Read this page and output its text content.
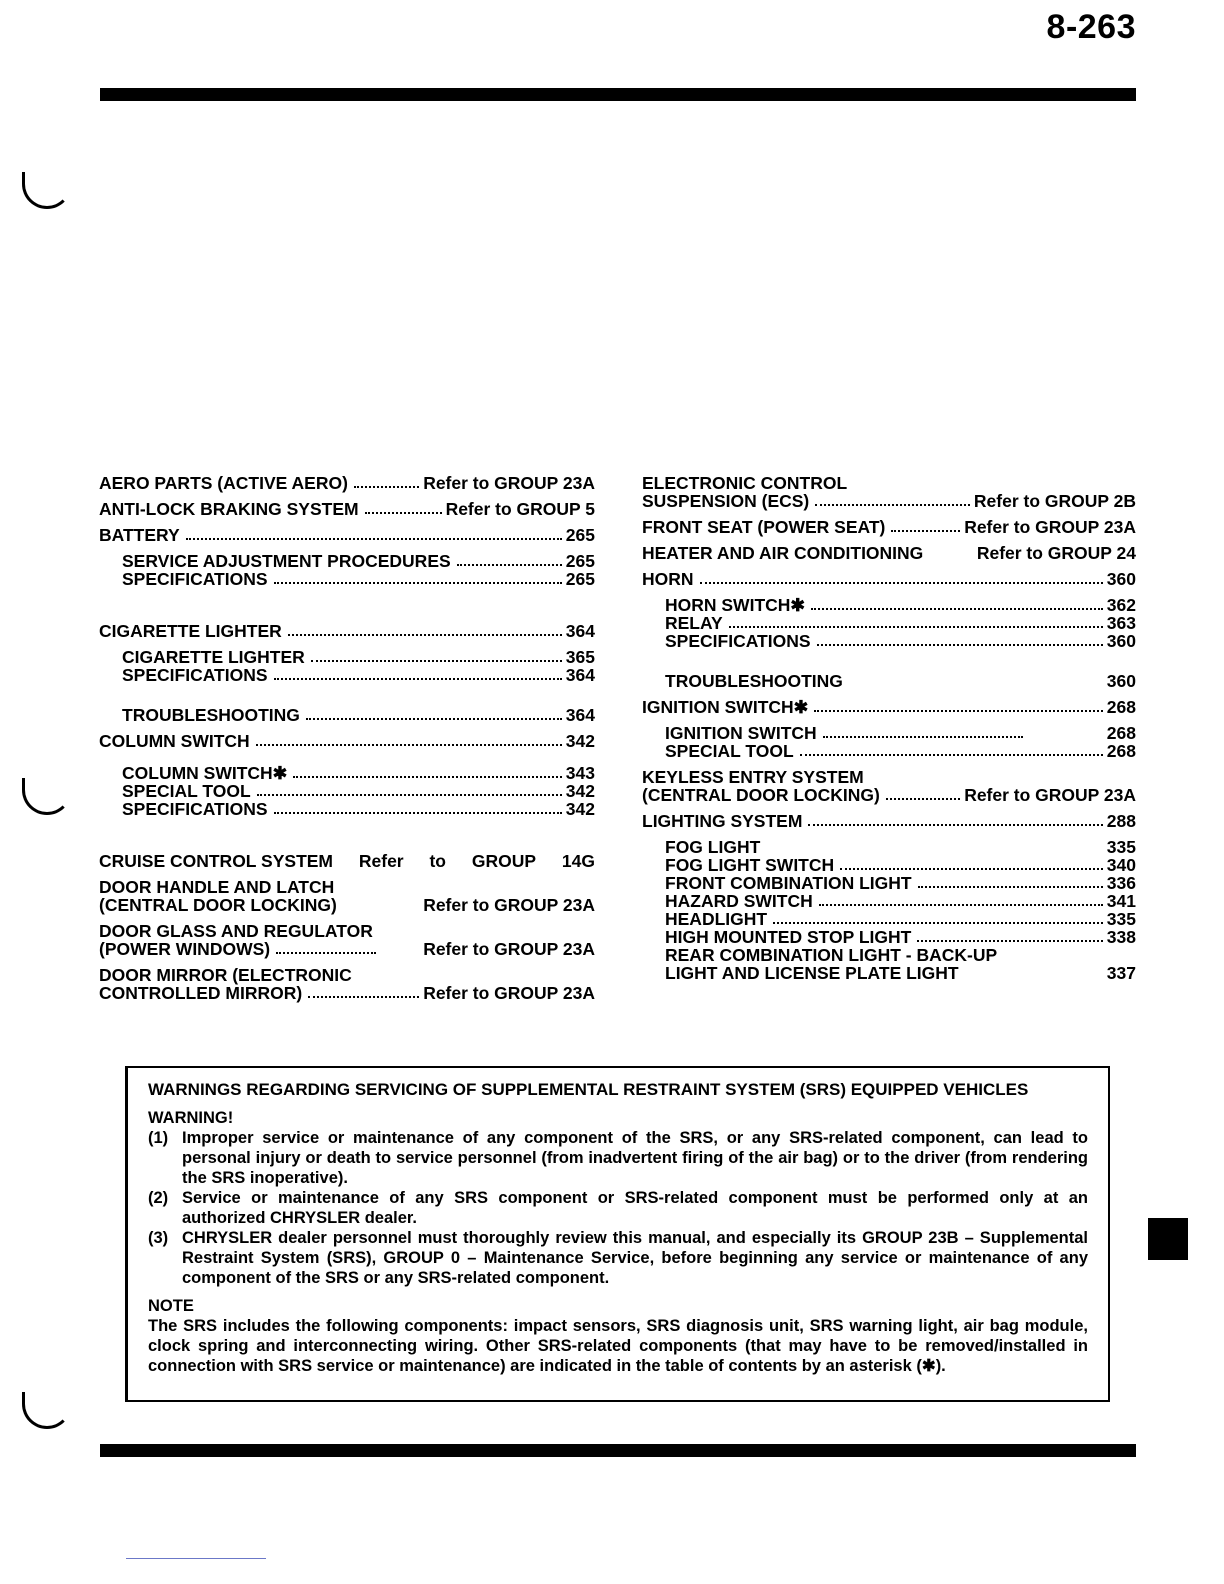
8-263
AERO PARTS (ACTIVE AERO)	Refer to GROUP 23A
ANTI-LOCK BRAKING SYSTEM	Refer to GROUP 5
BATTERY	265
SERVICE ADJUSTMENT PROCEDURES	265
SPECIFICATIONS	265
CIGARETTE LIGHTER	364
CIGARETTE LIGHTER	365
SPECIFICATIONS	364
TROUBLESHOOTING	364
COLUMN SWITCH	342
COLUMN SWITCH✱	343
SPECIAL TOOL	342
SPECIFICATIONS	342
CRUISE CONTROL SYSTEM Refer to GROUP 14G
DOOR HANDLE AND LATCH
(CENTRAL DOOR LOCKING)	Refer to GROUP 23A
DOOR GLASS AND REGULATOR
(POWER WINDOWS)	Refer to GROUP 23A
DOOR MIRROR (ELECTRONIC
CONTROLLED MIRROR)	Refer to GROUP 23A
ELECTRONIC CONTROL
SUSPENSION (ECS)	Refer to GROUP 2B
FRONT SEAT (POWER SEAT)	Refer to GROUP 23A
HEATER AND AIR CONDITIONING	Refer to GROUP 24
HORN	360
HORN SWITCH✱	362
RELAY	363
SPECIFICATIONS	360
TROUBLESHOOTING	360
IGNITION SWITCH✱	268
IGNITION SWITCH	268
SPECIAL TOOL	268
KEYLESS ENTRY SYSTEM
(CENTRAL DOOR LOCKING)	Refer to GROUP 23A
LIGHTING SYSTEM	288
FOG LIGHT	335
FOG LIGHT SWITCH	340
FRONT COMBINATION LIGHT	336
HAZARD SWITCH	341
HEADLIGHT	335
HIGH MOUNTED STOP LIGHT	338
REAR COMBINATION LIGHT - BACK-UP
LIGHT AND LICENSE PLATE LIGHT	337
WARNINGS REGARDING SERVICING OF SUPPLEMENTAL RESTRAINT SYSTEM (SRS) EQUIPPED VEHICLES
WARNING!
(1) Improper service or maintenance of any component of the SRS, or any SRS-related component, can lead to personal injury or death to service personnel (from inadvertent firing of the air bag) or to the driver (from rendering the SRS inoperative).
(2) Service or maintenance of any SRS component or SRS-related component must be performed only at an authorized CHRYSLER dealer.
(3) CHRYSLER dealer personnel must thoroughly review this manual, and especially its GROUP 23B – Supplemental Restraint System (SRS), GROUP 0 – Maintenance Service, before beginning any service or maintenance of any component of the SRS or any SRS-related component.
NOTE
The SRS includes the following components: impact sensors, SRS diagnosis unit, SRS warning light, air bag module, clock spring and interconnecting wiring. Other SRS-related components (that may have to be removed/installed in connection with SRS service or maintenance) are indicated in the table of contents by an asterisk (✱).
